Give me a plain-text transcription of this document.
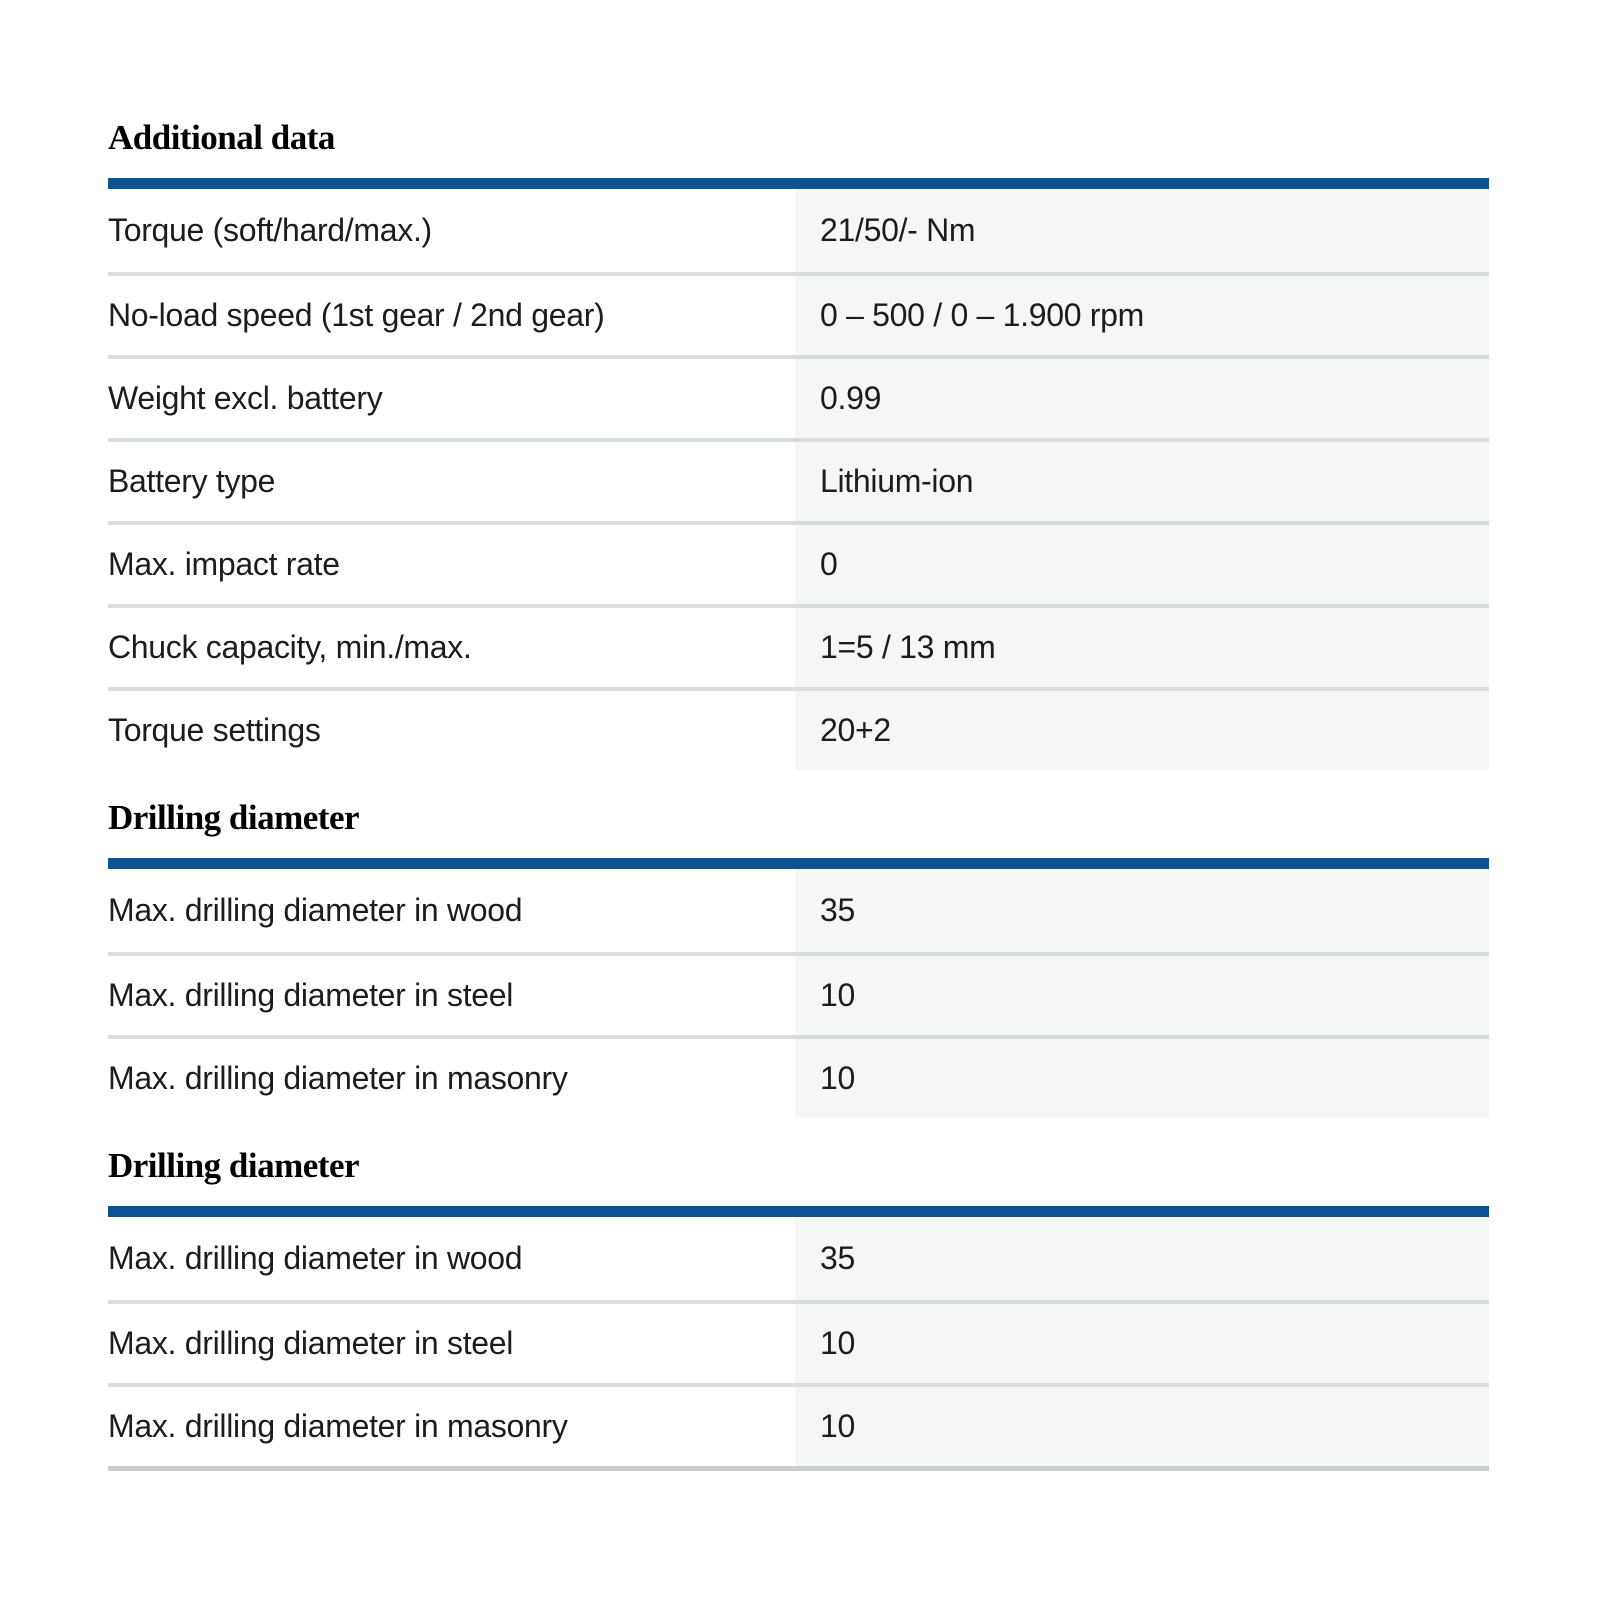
Additional data
Torque (soft/hard/max.)	21/50/- Nm
No-load speed (1st gear / 2nd gear)	0 – 500 / 0 – 1.900 rpm
Weight excl. battery	0.99
Battery type	Lithium-ion
Max. impact rate	0
Chuck capacity, min./max.	1=5 / 13 mm
Torque settings	20+2
Drilling diameter
Max. drilling diameter in wood	35
Max. drilling diameter in steel	10
Max. drilling diameter in masonry	10
Drilling diameter
Max. drilling diameter in wood	35
Max. drilling diameter in steel	10
Max. drilling diameter in masonry	10
